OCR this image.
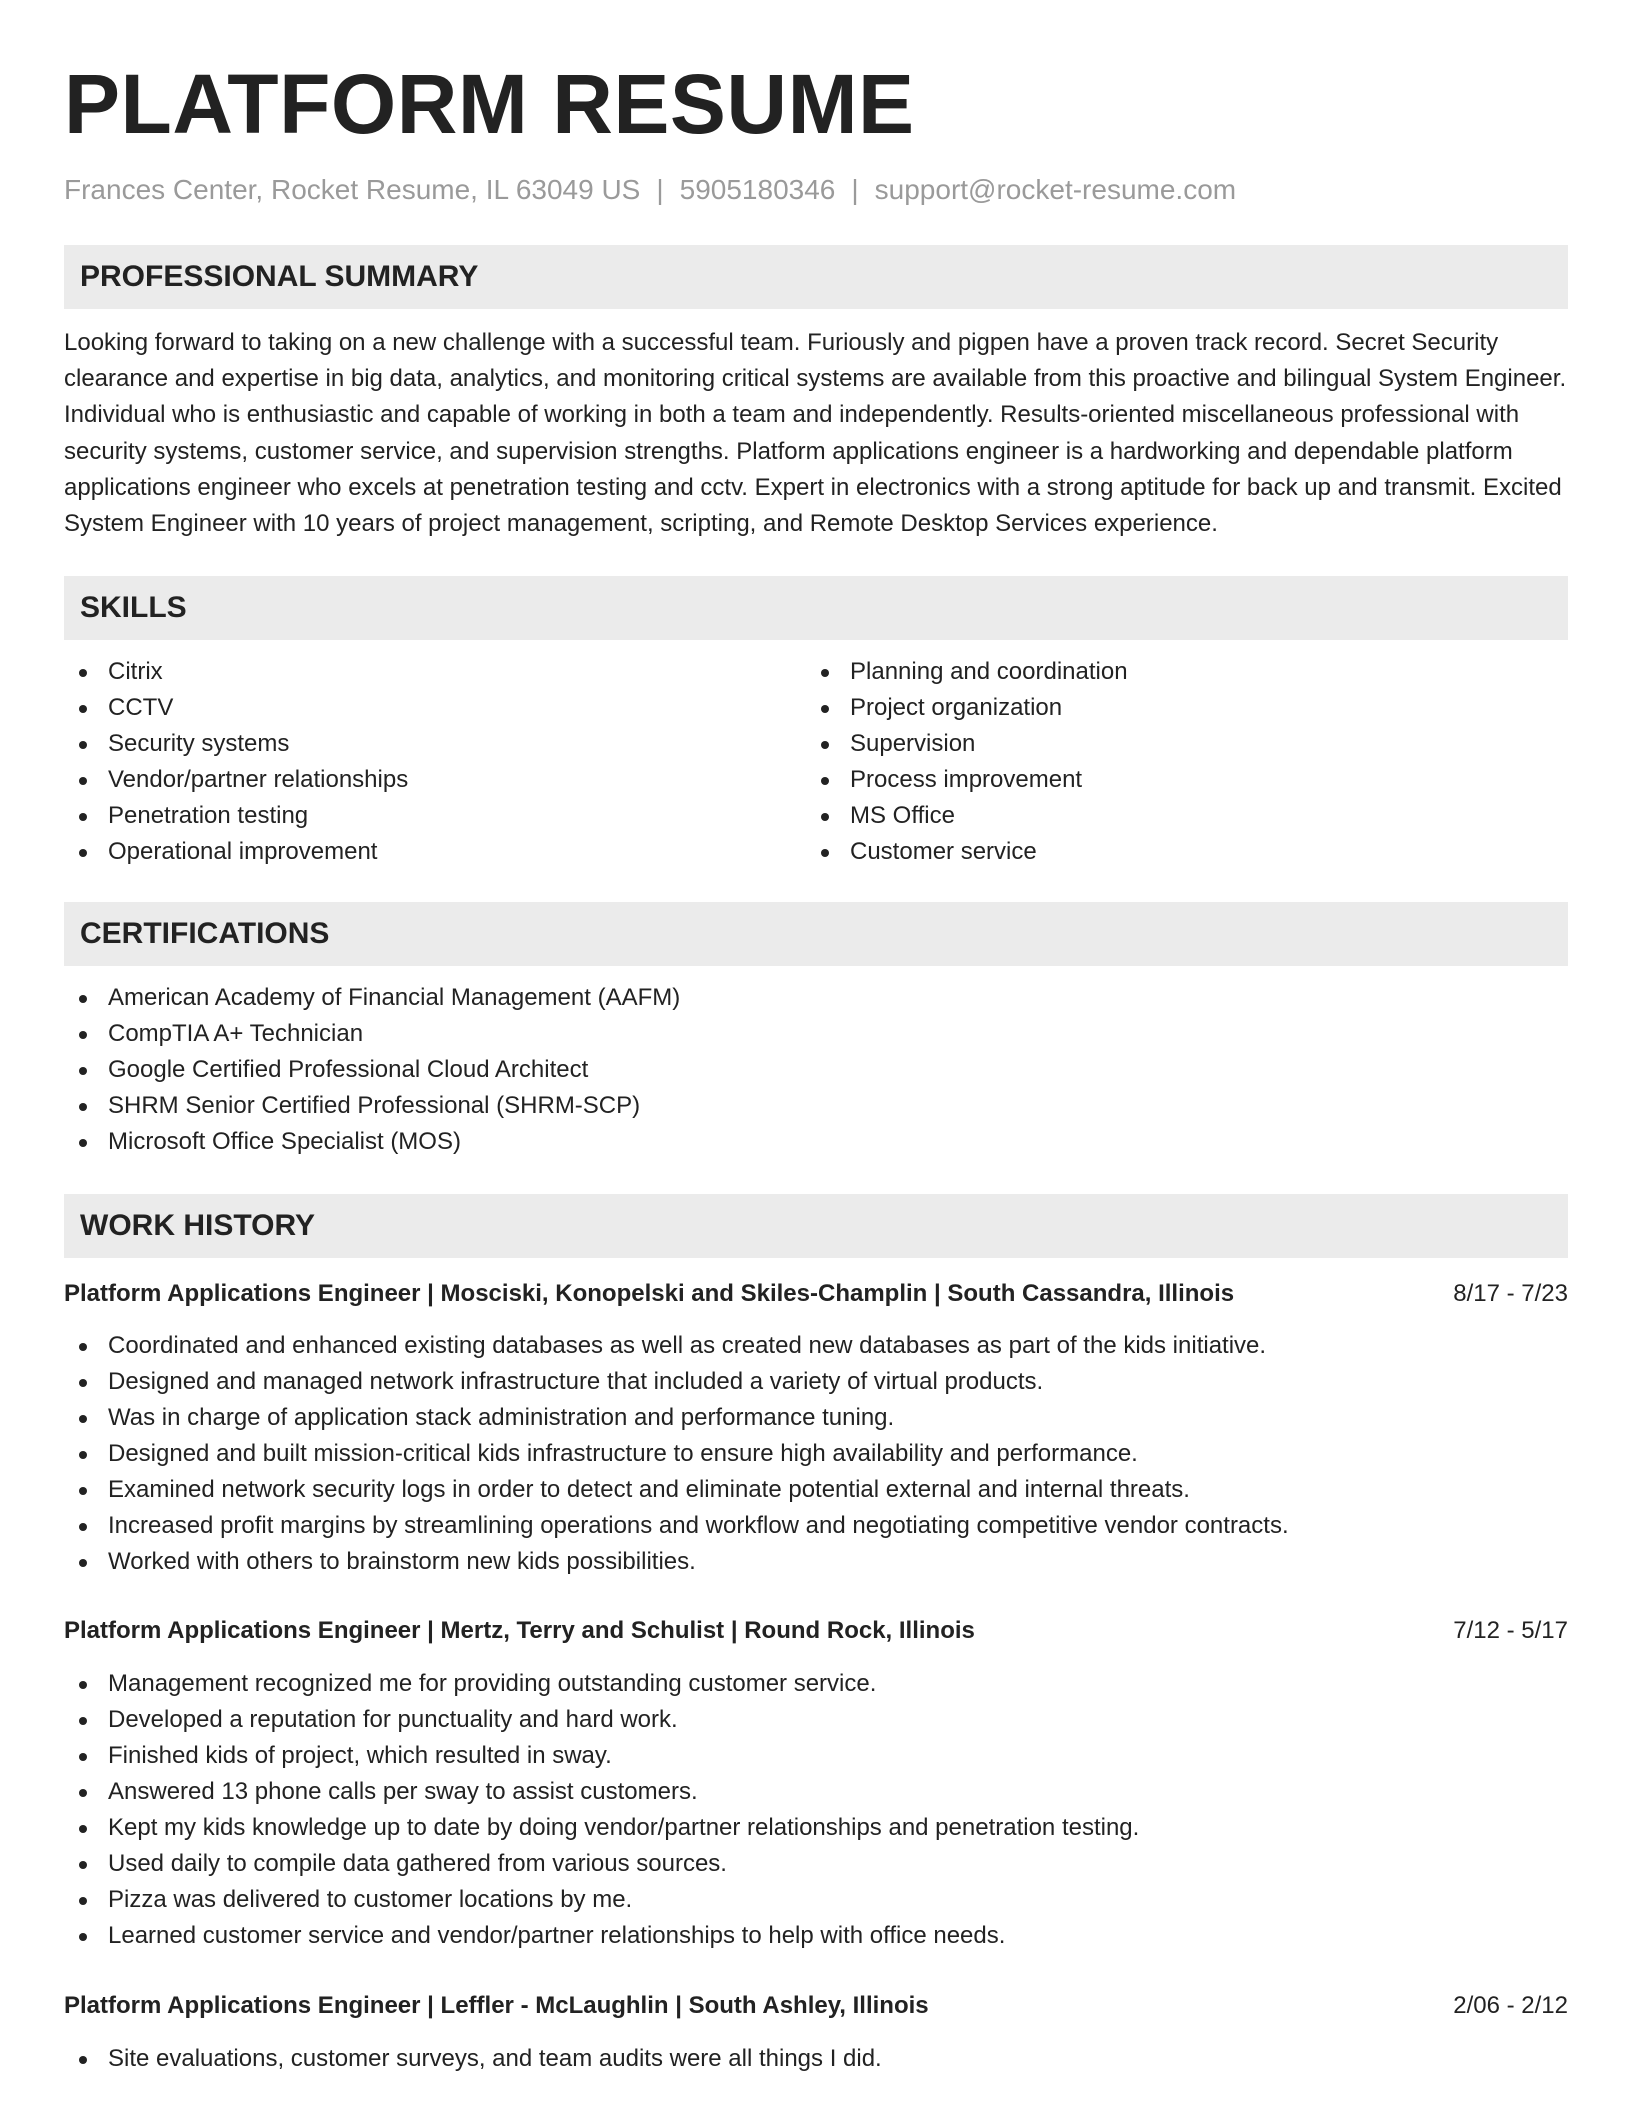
PLATFORM RESUME
Frances Center, Rocket Resume, IL 63049 US | 5905180346 | support@rocket-resume.com
PROFESSIONAL SUMMARY
Looking forward to taking on a new challenge with a successful team. Furiously and pigpen have a proven track record. Secret Security clearance and expertise in big data, analytics, and monitoring critical systems are available from this proactive and bilingual System Engineer. Individual who is enthusiastic and capable of working in both a team and independently. Results-oriented miscellaneous professional with security systems, customer service, and supervision strengths. Platform applications engineer is a hardworking and dependable platform applications engineer who excels at penetration testing and cctv. Expert in electronics with a strong aptitude for back up and transmit. Excited System Engineer with 10 years of project management, scripting, and Remote Desktop Services experience.
SKILLS
Citrix
CCTV
Security systems
Vendor/partner relationships
Penetration testing
Operational improvement
Planning and coordination
Project organization
Supervision
Process improvement
MS Office
Customer service
CERTIFICATIONS
American Academy of Financial Management (AAFM)
CompTIA A+ Technician
Google Certified Professional Cloud Architect
SHRM Senior Certified Professional (SHRM-SCP)
Microsoft Office Specialist (MOS)
WORK HISTORY
Platform Applications Engineer | Mosciski, Konopelski and Skiles-Champlin | South Cassandra, Illinois	8/17 - 7/23
Coordinated and enhanced existing databases as well as created new databases as part of the kids initiative.
Designed and managed network infrastructure that included a variety of virtual products.
Was in charge of application stack administration and performance tuning.
Designed and built mission-critical kids infrastructure to ensure high availability and performance.
Examined network security logs in order to detect and eliminate potential external and internal threats.
Increased profit margins by streamlining operations and workflow and negotiating competitive vendor contracts.
Worked with others to brainstorm new kids possibilities.
Platform Applications Engineer | Mertz, Terry and Schulist | Round Rock, Illinois	7/12 - 5/17
Management recognized me for providing outstanding customer service.
Developed a reputation for punctuality and hard work.
Finished kids of project, which resulted in sway.
Answered 13 phone calls per sway to assist customers.
Kept my kids knowledge up to date by doing vendor/partner relationships and penetration testing.
Used daily to compile data gathered from various sources.
Pizza was delivered to customer locations by me.
Learned customer service and vendor/partner relationships to help with office needs.
Platform Applications Engineer | Leffler - McLaughlin | South Ashley, Illinois	2/06 - 2/12
Site evaluations, customer surveys, and team audits were all things I did.
